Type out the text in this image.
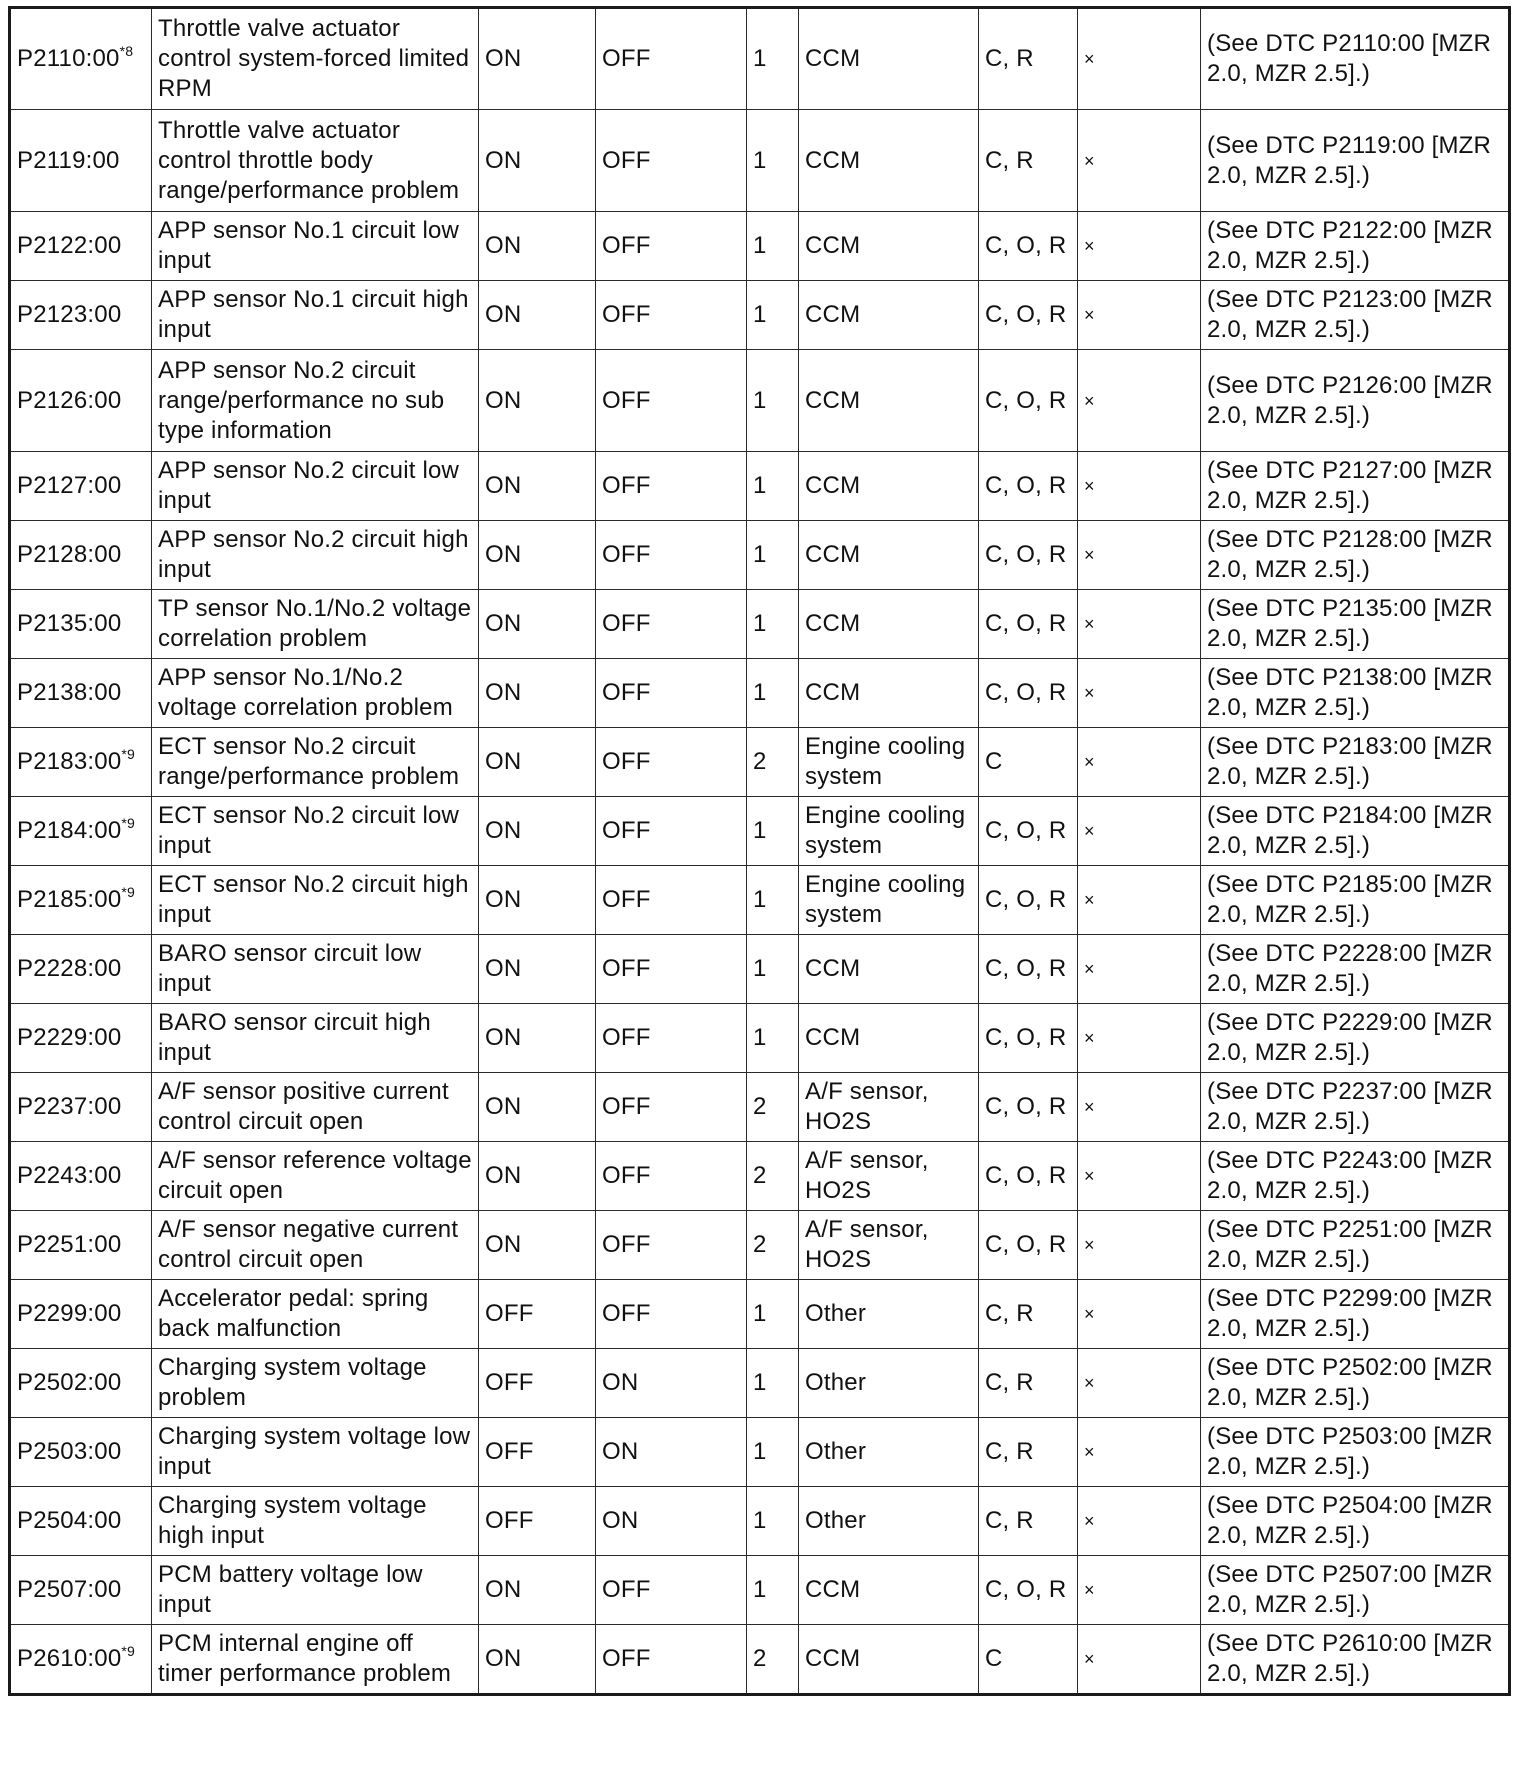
P2110:00$^{*8}$	Throttle valve actuator control system-forced limited RPM	ON	OFF	1	CCM	C, R	×	(See DTC P2110:00 [MZR 2.0, MZR 2.5].)
P2119:00	Throttle valve actuator control throttle body range/performance problem	ON	OFF	1	CCM	C, R	×	(See DTC P2119:00 [MZR 2.0, MZR 2.5].)
P2122:00	APP sensor No.1 circuit low input	ON	OFF	1	CCM	C, O, R	×	(See DTC P2122:00 [MZR 2.0, MZR 2.5].)
P2123:00	APP sensor No.1 circuit high input	ON	OFF	1	CCM	C, O, R	×	(See DTC P2123:00 [MZR 2.0, MZR 2.5].)
P2126:00	APP sensor No.2 circuit range/performance no sub type information	ON	OFF	1	CCM	C, O, R	×	(See DTC P2126:00 [MZR 2.0, MZR 2.5].)
P2127:00	APP sensor No.2 circuit low input	ON	OFF	1	CCM	C, O, R	×	(See DTC P2127:00 [MZR 2.0, MZR 2.5].)
P2128:00	APP sensor No.2 circuit high input	ON	OFF	1	CCM	C, O, R	×	(See DTC P2128:00 [MZR 2.0, MZR 2.5].)
P2135:00	TP sensor No.1/No.2 voltage correlation problem	ON	OFF	1	CCM	C, O, R	×	(See DTC P2135:00 [MZR 2.0, MZR 2.5].)
P2138:00	APP sensor No.1/No.2 voltage correlation problem	ON	OFF	1	CCM	C, O, R	×	(See DTC P2138:00 [MZR 2.0, MZR 2.5].)
P2183:00$^{*9}$	ECT sensor No.2 circuit range/performance problem	ON	OFF	2	Engine cooling system	C	×	(See DTC P2183:00 [MZR 2.0, MZR 2.5].)
P2184:00$^{*9}$	ECT sensor No.2 circuit low input	ON	OFF	1	Engine cooling system	C, O, R	×	(See DTC P2184:00 [MZR 2.0, MZR 2.5].)
P2185:00$^{*9}$	ECT sensor No.2 circuit high input	ON	OFF	1	Engine cooling system	C, O, R	×	(See DTC P2185:00 [MZR 2.0, MZR 2.5].)
P2228:00	BARO sensor circuit low input	ON	OFF	1	CCM	C, O, R	×	(See DTC P2228:00 [MZR 2.0, MZR 2.5].)
P2229:00	BARO sensor circuit high input	ON	OFF	1	CCM	C, O, R	×	(See DTC P2229:00 [MZR 2.0, MZR 2.5].)
P2237:00	A/F sensor positive current control circuit open	ON	OFF	2	A/F sensor, HO2S	C, O, R	×	(See DTC P2237:00 [MZR 2.0, MZR 2.5].)
P2243:00	A/F sensor reference voltage circuit open	ON	OFF	2	A/F sensor, HO2S	C, O, R	×	(See DTC P2243:00 [MZR 2.0, MZR 2.5].)
P2251:00	A/F sensor negative current control circuit open	ON	OFF	2	A/F sensor, HO2S	C, O, R	×	(See DTC P2251:00 [MZR 2.0, MZR 2.5].)
P2299:00	Accelerator pedal: spring back malfunction	OFF	OFF	1	Other	C, R	×	(See DTC P2299:00 [MZR 2.0, MZR 2.5].)
P2502:00	Charging system voltage problem	OFF	ON	1	Other	C, R	×	(See DTC P2502:00 [MZR 2.0, MZR 2.5].)
P2503:00	Charging system voltage low input	OFF	ON	1	Other	C, R	×	(See DTC P2503:00 [MZR 2.0, MZR 2.5].)
P2504:00	Charging system voltage high input	OFF	ON	1	Other	C, R	×	(See DTC P2504:00 [MZR 2.0, MZR 2.5].)
P2507:00	PCM battery voltage low input	ON	OFF	1	CCM	C, O, R	×	(See DTC P2507:00 [MZR 2.0, MZR 2.5].)
P2610:00$^{*9}$	PCM internal engine off timer performance problem	ON	OFF	2	CCM	C	×	(See DTC P2610:00 [MZR 2.0, MZR 2.5].)
